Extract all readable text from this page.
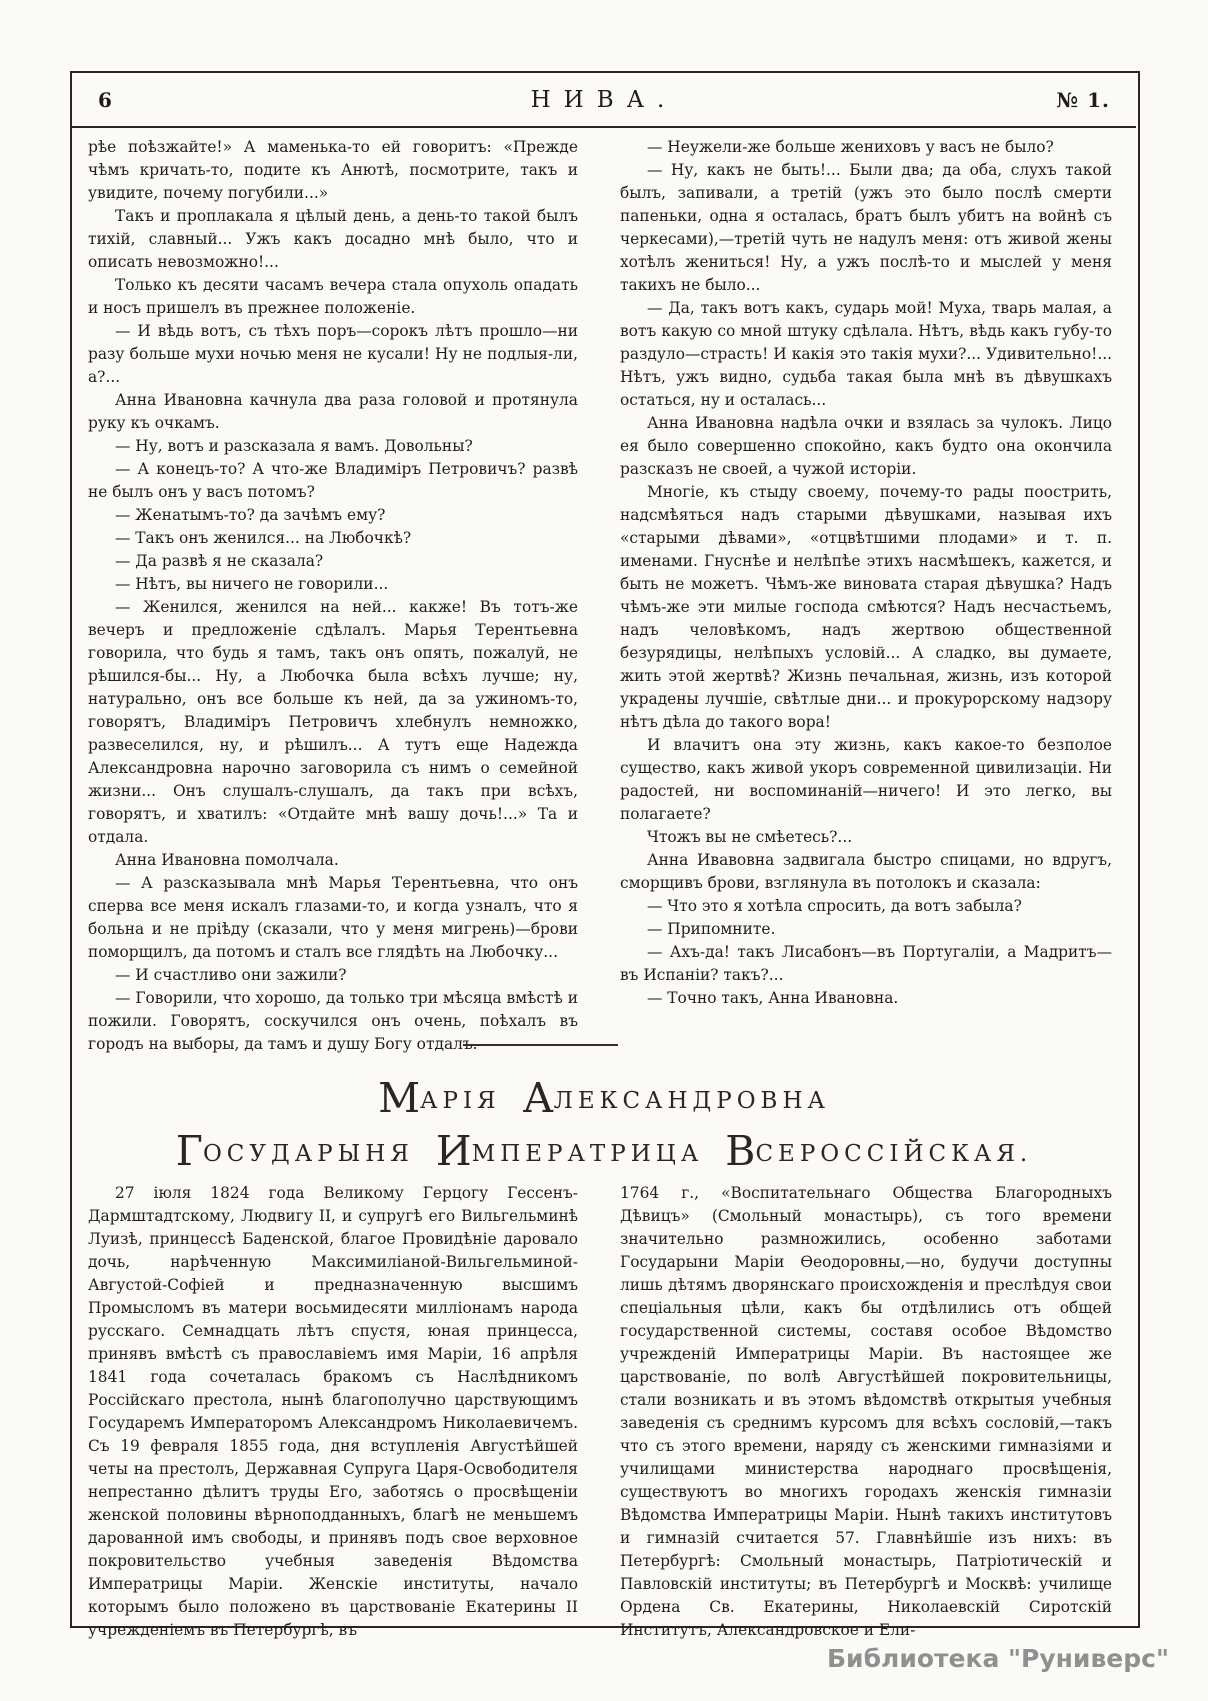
6	НИВА.	№ 1.

рѣе поѣзжайте!» А маменька-то ей говоритъ: «Прежде чѣмъ кричать-то, подите къ Анютѣ, посмотрите, такъ и увидите, почему погубили...»

Такъ и проплакала я цѣлый день, а день-то такой былъ тихій, славный... Ужъ какъ досадно мнѣ было, что и описать невозможно!...

Только къ десяти часамъ вечера стала опухоль опадать и носъ пришелъ въ прежнее положеніе.

— И вѣдь вотъ, съ тѣхъ поръ—сорокъ лѣтъ прошло—ни разу больше мухи ночью меня не кусали! Ну не подлыя-ли, а?...

Анна Ивановна качнула два раза головой и протянула руку къ очкамъ.

— Ну, вотъ и разсказала я вамъ. Довольны?

— А конецъ-то? А что-же Владиміръ Петровичъ? развѣ не былъ онъ у васъ потомъ?

— Женатымъ-то? да зачѣмъ ему?

— Такъ онъ женился... на Любочкѣ?

— Да развѣ я не сказала?

— Нѣтъ, вы ничего не говорили...

— Женился, женился на ней... какже! Въ тотъ-же вечеръ и предложеніе сдѣлалъ. Марья Терентьевна говорила, что будь я тамъ, такъ онъ опять, пожалуй, не рѣшился-бы... Ну, а Любочка была всѣхъ лучше; ну, натурально, онъ все больше къ ней, да за ужиномъ-то, говорятъ, Владиміръ Петровичъ хлебнулъ немножко, развеселился, ну, и рѣшилъ... А тутъ еще Надежда Александровна нарочно заговорила съ нимъ о семейной жизни... Онъ слушалъ-слушалъ, да такъ при всѣхъ, говорятъ, и хватилъ: «Отдайте мнѣ вашу дочь!...» Та и отдала.

Анна Ивановна помолчала.

— А разсказывала мнѣ Марья Терентьевна, что онъ сперва все меня искалъ глазами-то, и когда узналъ, что я больна и не пріѣду (сказали, что у меня мигрень)—брови поморщилъ, да потомъ и сталъ все глядѣть на Любочку...

— И счастливо они зажили?

— Говорили, что хорошо, да только три мѣсяца вмѣстѣ и пожили. Говорятъ, соскучился онъ очень, поѣхалъ въ городъ на выборы, да тамъ и душу Богу отдалъ.

— Неужели-же больше жениховъ у васъ не было?

— Ну, какъ не быть!... Были два; да оба, слухъ такой былъ, запивали, а третій (ужъ это было послѣ смерти папеньки, одна я осталась, братъ былъ убитъ на войнѣ съ черкесами),—третій чуть не надулъ меня: отъ живой жены хотѣлъ жениться! Ну, а ужъ послѣ-то и мыслей у меня такихъ не было...

— Да, такъ вотъ какъ, сударь мой! Муха, тварь малая, а вотъ какую со мной штуку сдѣлала. Нѣтъ, вѣдь какъ губу-то раздуло—страсть! И какія это такія мухи?... Удивительно!... Нѣтъ, ужъ видно, судьба такая была мнѣ въ дѣвушкахъ остаться, ну и осталась...

Анна Ивановна надѣла очки и взялась за чулокъ. Лицо ея было совершенно спокойно, какъ будто она окончила разсказъ не своей, а чужой исторіи.

Многіе, къ стыду своему, почему-то рады поострить, надсмѣяться надъ старыми дѣвушками, называя ихъ «старыми дѣвами», «отцвѣтшими плодами» и т. п. именами. Гнуснѣе и нелѣпѣе этихъ насмѣшекъ, кажется, и быть не можетъ. Чѣмъ-же виновата старая дѣвушка? Надъ чѣмъ-же эти милые господа смѣются? Надъ несчастьемъ, надъ человѣкомъ, надъ жертвою общественной безурядицы, нелѣпыхъ условій... А сладко, вы думаете, жить этой жертвѣ? Жизнь печальная, жизнь, изъ которой украдены лучшіе, свѣтлые дни... и прокурорскому надзору нѣтъ дѣла до такого вора!

И влачитъ она эту жизнь, какъ какое-то безполое существо, какъ живой укоръ современной цивилизаціи. Ни радостей, ни воспоминаній—ничего! И это легко, вы полагаете?

Чтожъ вы не смѣетесь?...

Анна Ивавовна задвигала быстро спицами, но вдругъ, сморщивъ брови, взглянула въ потолокъ и сказала:

— Что это я хотѣла спросить, да вотъ забыла?

— Припомните.

— Ахъ-да! такъ Лисабонъ—въ Португаліи, а Мадритъ—въ Испаніи? такъ?...

— Точно такъ, Анна Ивановна.

МАРІЯ АЛЕКСАНДРОВНА
ГОСУДАРЫНЯ ИМПЕРАТРИЦА ВСЕРОССІЙСКАЯ.

27 іюля 1824 года Великому Герцогу Гессенъ-Дармштадтскому, Людвигу II, и супругѣ его Вильгельминѣ Луизѣ, принцессѣ Баденской, благое Провидѣніе даровало дочь, нарѣченную Максимиліаной-Вильгельминой-Августой-Софіей и предназначенную высшимъ Промысломъ въ матери восьмидесяти милліонамъ народа русскаго. Семнадцать лѣтъ спустя, юная принцесса, принявъ вмѣстѣ съ православіемъ имя Маріи, 16 апрѣля 1841 года сочеталась бракомъ съ Наслѣдникомъ Россійскаго престола, нынѣ благополучно царствующимъ Государемъ Императоромъ Александромъ Николаевичемъ. Съ 19 февраля 1855 года, дня вступленія Августѣйшей четы на престолъ, Державная Супруга Царя-Освободителя непрестанно дѣлитъ труды Его, заботясь о просвѣщеніи женской половины вѣрноподданныхъ, благѣ не меньшемъ дарованной имъ свободы, и принявъ подъ свое верховное покровительство учебныя заведенія Вѣдомства Императрицы Маріи. Женскіе институты, начало которымъ было положено въ царствованіе Екатерины II учрежденіемъ въ Петербургѣ, въ

1764 г., «Воспитательнаго Общества Благородныхъ Дѣвицъ» (Смольный монастырь), съ того времени значительно размножились, особенно заботами Государыни Маріи Ѳеодоровны,—но, будучи доступны лишь дѣтямъ дворянскаго происхожденія и преслѣдуя свои спеціальныя цѣли, какъ бы отдѣлились отъ общей государственной системы, составя особое Вѣдомство учрежденій Императрицы Маріи. Въ настоящее же царствованіе, по волѣ Августѣйшей покровительницы, стали возникать и въ этомъ вѣдомствѣ открытыя учебныя заведенія съ среднимъ курсомъ для всѣхъ сословій,—такъ что съ этого времени, наряду съ женскими гимназіями и училищами министерства народнаго просвѣщенія, существуютъ во многихъ городахъ женскія гимназіи Вѣдомства Императрицы Маріи. Нынѣ такихъ институтовъ и гимназій считается 57. Главнѣйшіе изъ нихъ: въ Петербургѣ: Смольный монастырь, Патріотическій и Павловскій институты; въ Петербургѣ и Москвѣ: училище Ордена Св. Екатерины, Николаевскій Сиротскій Институтъ, Александровское и Ели-

Библиотека "Руниверс"
